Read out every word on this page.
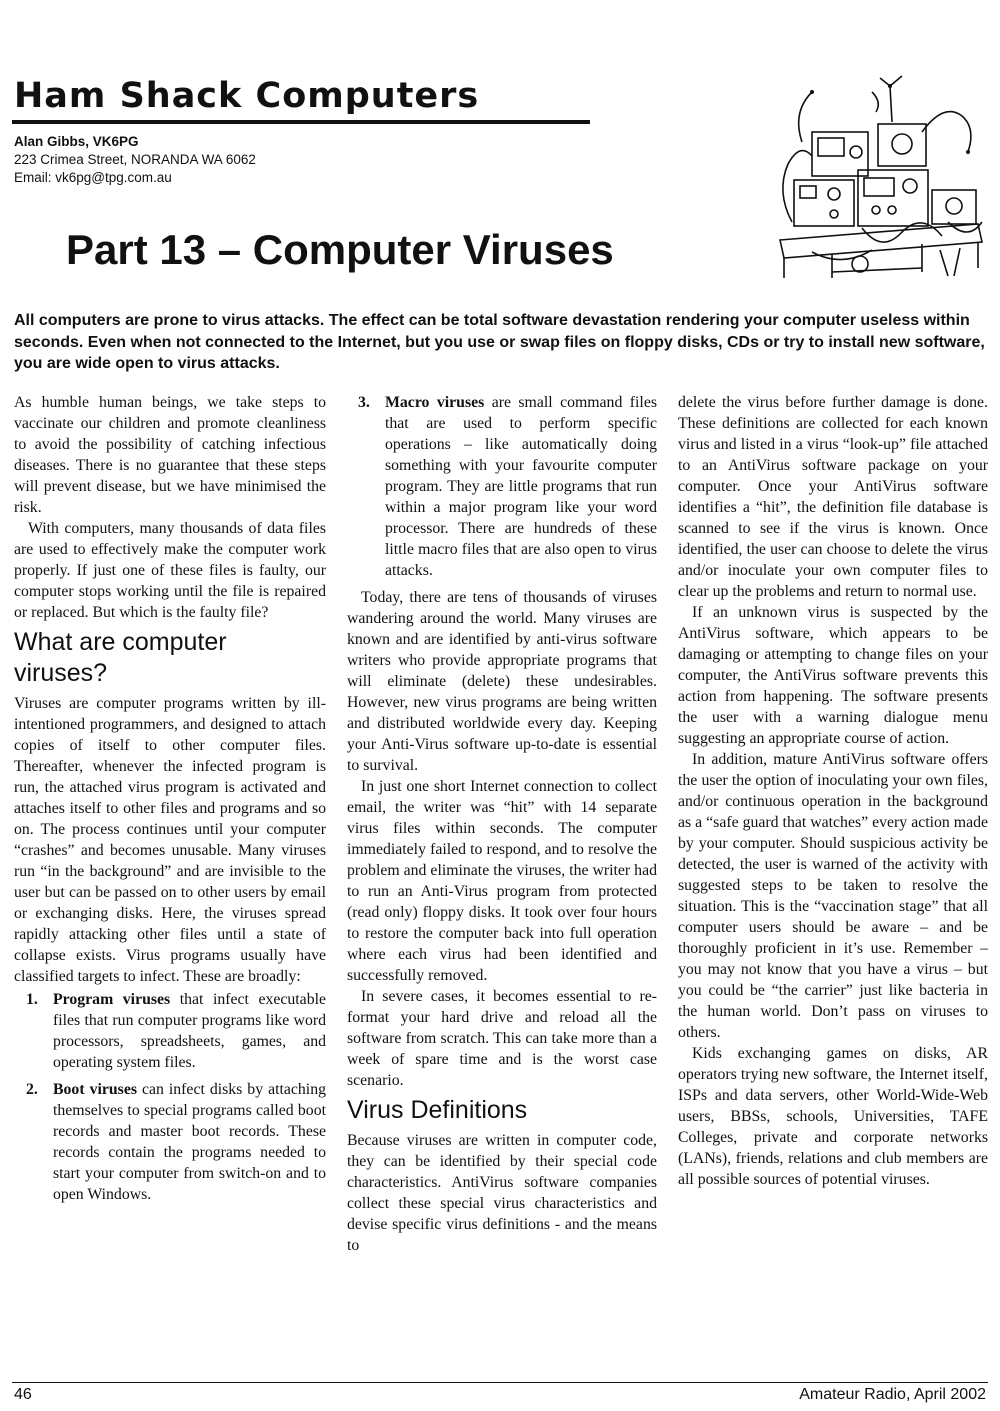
Ham Shack Computers
Alan Gibbs, VK6PG
223 Crimea Street, NORANDA WA 6062
Email: vk6pg@tpg.com.au
Part 13 – Computer Viruses
All computers are prone to virus attacks. The effect can be total software devastation rendering your computer useless within seconds. Even when not connected to the Internet, but you use or swap files on floppy disks, CDs or try to install new software, you are wide open to virus attacks.

As humble human beings, we take steps to vaccinate our children and promote cleanliness to avoid the possibility of catching infectious diseases. There is no guarantee that these steps will prevent disease, but we have minimised the risk.

With computers, many thousands of data files are used to effectively make the computer work properly. If just one of these files is faulty, our computer stops working until the file is repaired or replaced. But which is the faulty file?

What are computer viruses?

Viruses are computer programs written by ill-intentioned programmers, and designed to attach copies of itself to other computer files. Thereafter, whenever the infected program is run, the attached virus program is activated and attaches itself to other files and programs and so on. The process continues until your computer “crashes” and becomes unusable. Many viruses run “in the background” and are invisible to the user but can be passed on to other users by email or exchanging disks. Here, the viruses spread rapidly attacking other files until a state of collapse exists. Virus programs usually have classified targets to infect. These are broadly:

1. Program viruses that infect executable files that run computer programs like word processors, spreadsheets, games, and operating system files.
2. Boot viruses can infect disks by attaching themselves to special programs called boot records and master boot records. These records contain the programs needed to start your computer from switch-on and to open Windows.
3. Macro viruses are small command files that are used to perform specific operations – like automatically doing something with your favourite computer program. They are little programs that run within a major program like your word processor. There are hundreds of these little macro files that are also open to virus attacks.

Today, there are tens of thousands of viruses wandering around the world. Many viruses are known and are identified by anti-virus software writers who provide appropriate programs that will eliminate (delete) these undesirables. However, new virus programs are being written and distributed worldwide every day. Keeping your Anti-Virus software up-to-date is essential to survival.

In just one short Internet connection to collect email, the writer was “hit” with 14 separate virus files within seconds. The computer immediately failed to respond, and to resolve the problem and eliminate the viruses, the writer had to run an Anti-Virus program from protected (read only) floppy disks. It took over four hours to restore the computer back into full operation where each virus had been identified and successfully removed.

In severe cases, it becomes essential to re-format your hard drive and reload all the software from scratch. This can take more than a week of spare time and is the worst case scenario.

Virus Definitions

Because viruses are written in computer code, they can be identified by their special code characteristics. AntiVirus software companies collect these special virus characteristics and devise specific virus definitions - and the means to

delete the virus before further damage is done. These definitions are collected for each known virus and listed in a virus “look-up” file attached to an AntiVirus software package on your computer. Once your AntiVirus software identifies a “hit”, the definition file database is scanned to see if the virus is known. Once identified, the user can choose to delete the virus and/or inoculate your own computer files to clear up the problems and return to normal use.

If an unknown virus is suspected by the AntiVirus software, which appears to be damaging or attempting to change files on your computer, the AntiVirus software prevents this action from happening. The software presents the user with a warning dialogue menu suggesting an appropriate course of action.

In addition, mature AntiVirus software offers the user the option of inoculating your own files, and/or continuous operation in the background as a “safe guard that watches” every action made by your computer. Should suspicious activity be detected, the user is warned of the activity with suggested steps to be taken to resolve the situation. This is the “vaccination stage” that all computer users should be aware – and be thoroughly proficient in it’s use. Remember – you may not know that you have a virus – but you could be “the carrier” just like bacteria in the human world. Don’t pass on viruses to others.

Kids exchanging games on disks, AR operators trying new software, the Internet itself, ISPs and data servers, other World-Wide-Web users, BBSs, schools, Universities, TAFE Colleges, private and corporate networks (LANs), friends, relations and club members are all possible sources of potential viruses.

46	Amateur Radio, April 2002
